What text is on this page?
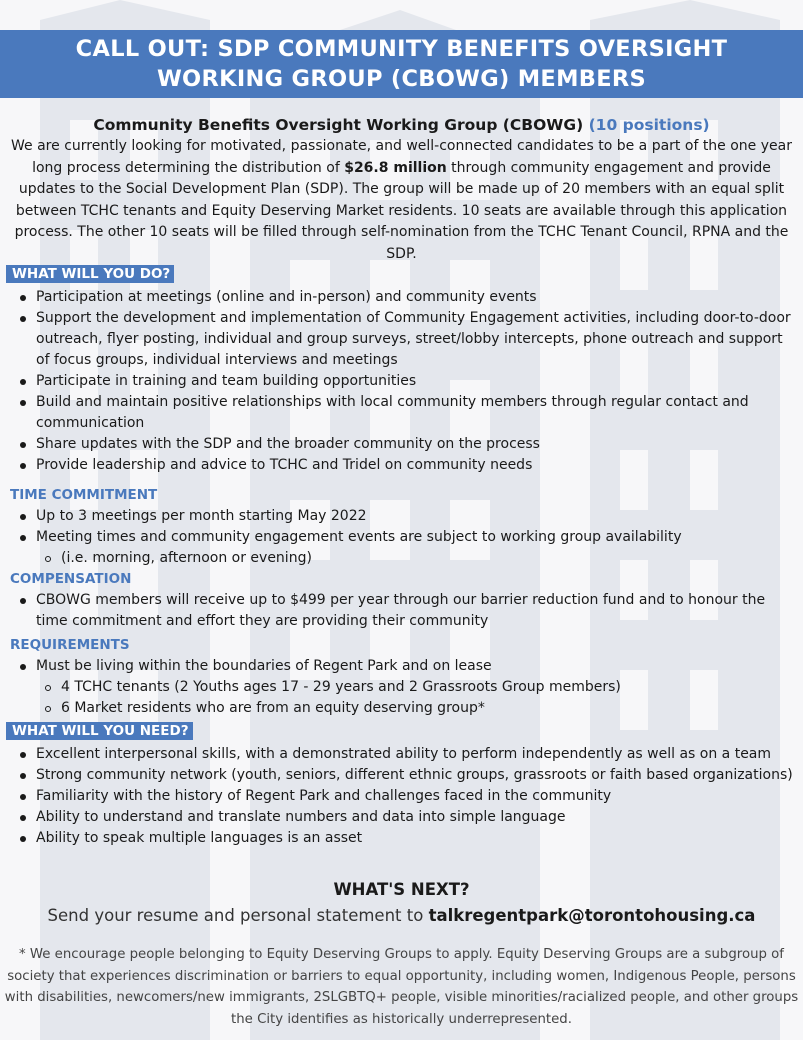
CALL OUT: SDP COMMUNITY BENEFITS OVERSIGHT
WORKING GROUP (CBOWG) MEMBERS
Community Benefits Oversight Working Group (CBOWG) (10 positions)

We are currently looking for motivated, passionate, and well-connected candidates to be a part of the one year long process determining the distribution of $26.8 million through community engagement and provide updates to the Social Development Plan (SDP). The group will be made up of 20 members with an equal split between TCHC tenants and Equity Deserving Market residents. 10 seats are available through this application process. The other 10 seats will be filled through self-nomination from the TCHC Tenant Council, RPNA and the SDP.

WHAT WILL YOU DO?
Participation at meetings (online and in-person) and community events
Support the development and implementation of Community Engagement activities, including door-to-door outreach, flyer posting, individual and group surveys, street/lobby intercepts, phone outreach and support of focus groups, individual interviews and meetings
Participate in training and team building opportunities
Build and maintain positive relationships with local community members through regular contact and communication
Share updates with the SDP and the broader community on the process
Provide leadership and advice to TCHC and Tridel on community needs
TIME COMMITMENT
Up to 3 meetings per month starting May 2022
Meeting times and community engagement events are subject to working group availability
(i.e. morning, afternoon or evening)
COMPENSATION
CBOWG members will receive up to $499 per year through our barrier reduction fund and to honour the time commitment and effort they are providing their community
REQUIREMENTS
Must be living within the boundaries of Regent Park and on lease
4 TCHC tenants (2 Youths ages 17 - 29 years and 2 Grassroots Group members)
6 Market residents who are from an equity deserving group*
WHAT WILL YOU NEED?
Excellent interpersonal skills, with a demonstrated ability to perform independently as well as on a team
Strong community network (youth, seniors, different ethnic groups, grassroots or faith based organizations)
Familiarity with the history of Regent Park and challenges faced in the community
Ability to understand and translate numbers and data into simple language
Ability to speak multiple languages is an asset
WHAT'S NEXT?
Send your resume and personal statement to talkregentpark@torontohousing.ca
* We encourage people belonging to Equity Deserving Groups to apply. Equity Deserving Groups are a subgroup of society that experiences discrimination or barriers to equal opportunity, including women, Indigenous People, persons with disabilities, newcomers/new immigrants, 2SLGBTQ+ people, visible minorities/racialized people, and other groups the City identifies as historically underrepresented.
